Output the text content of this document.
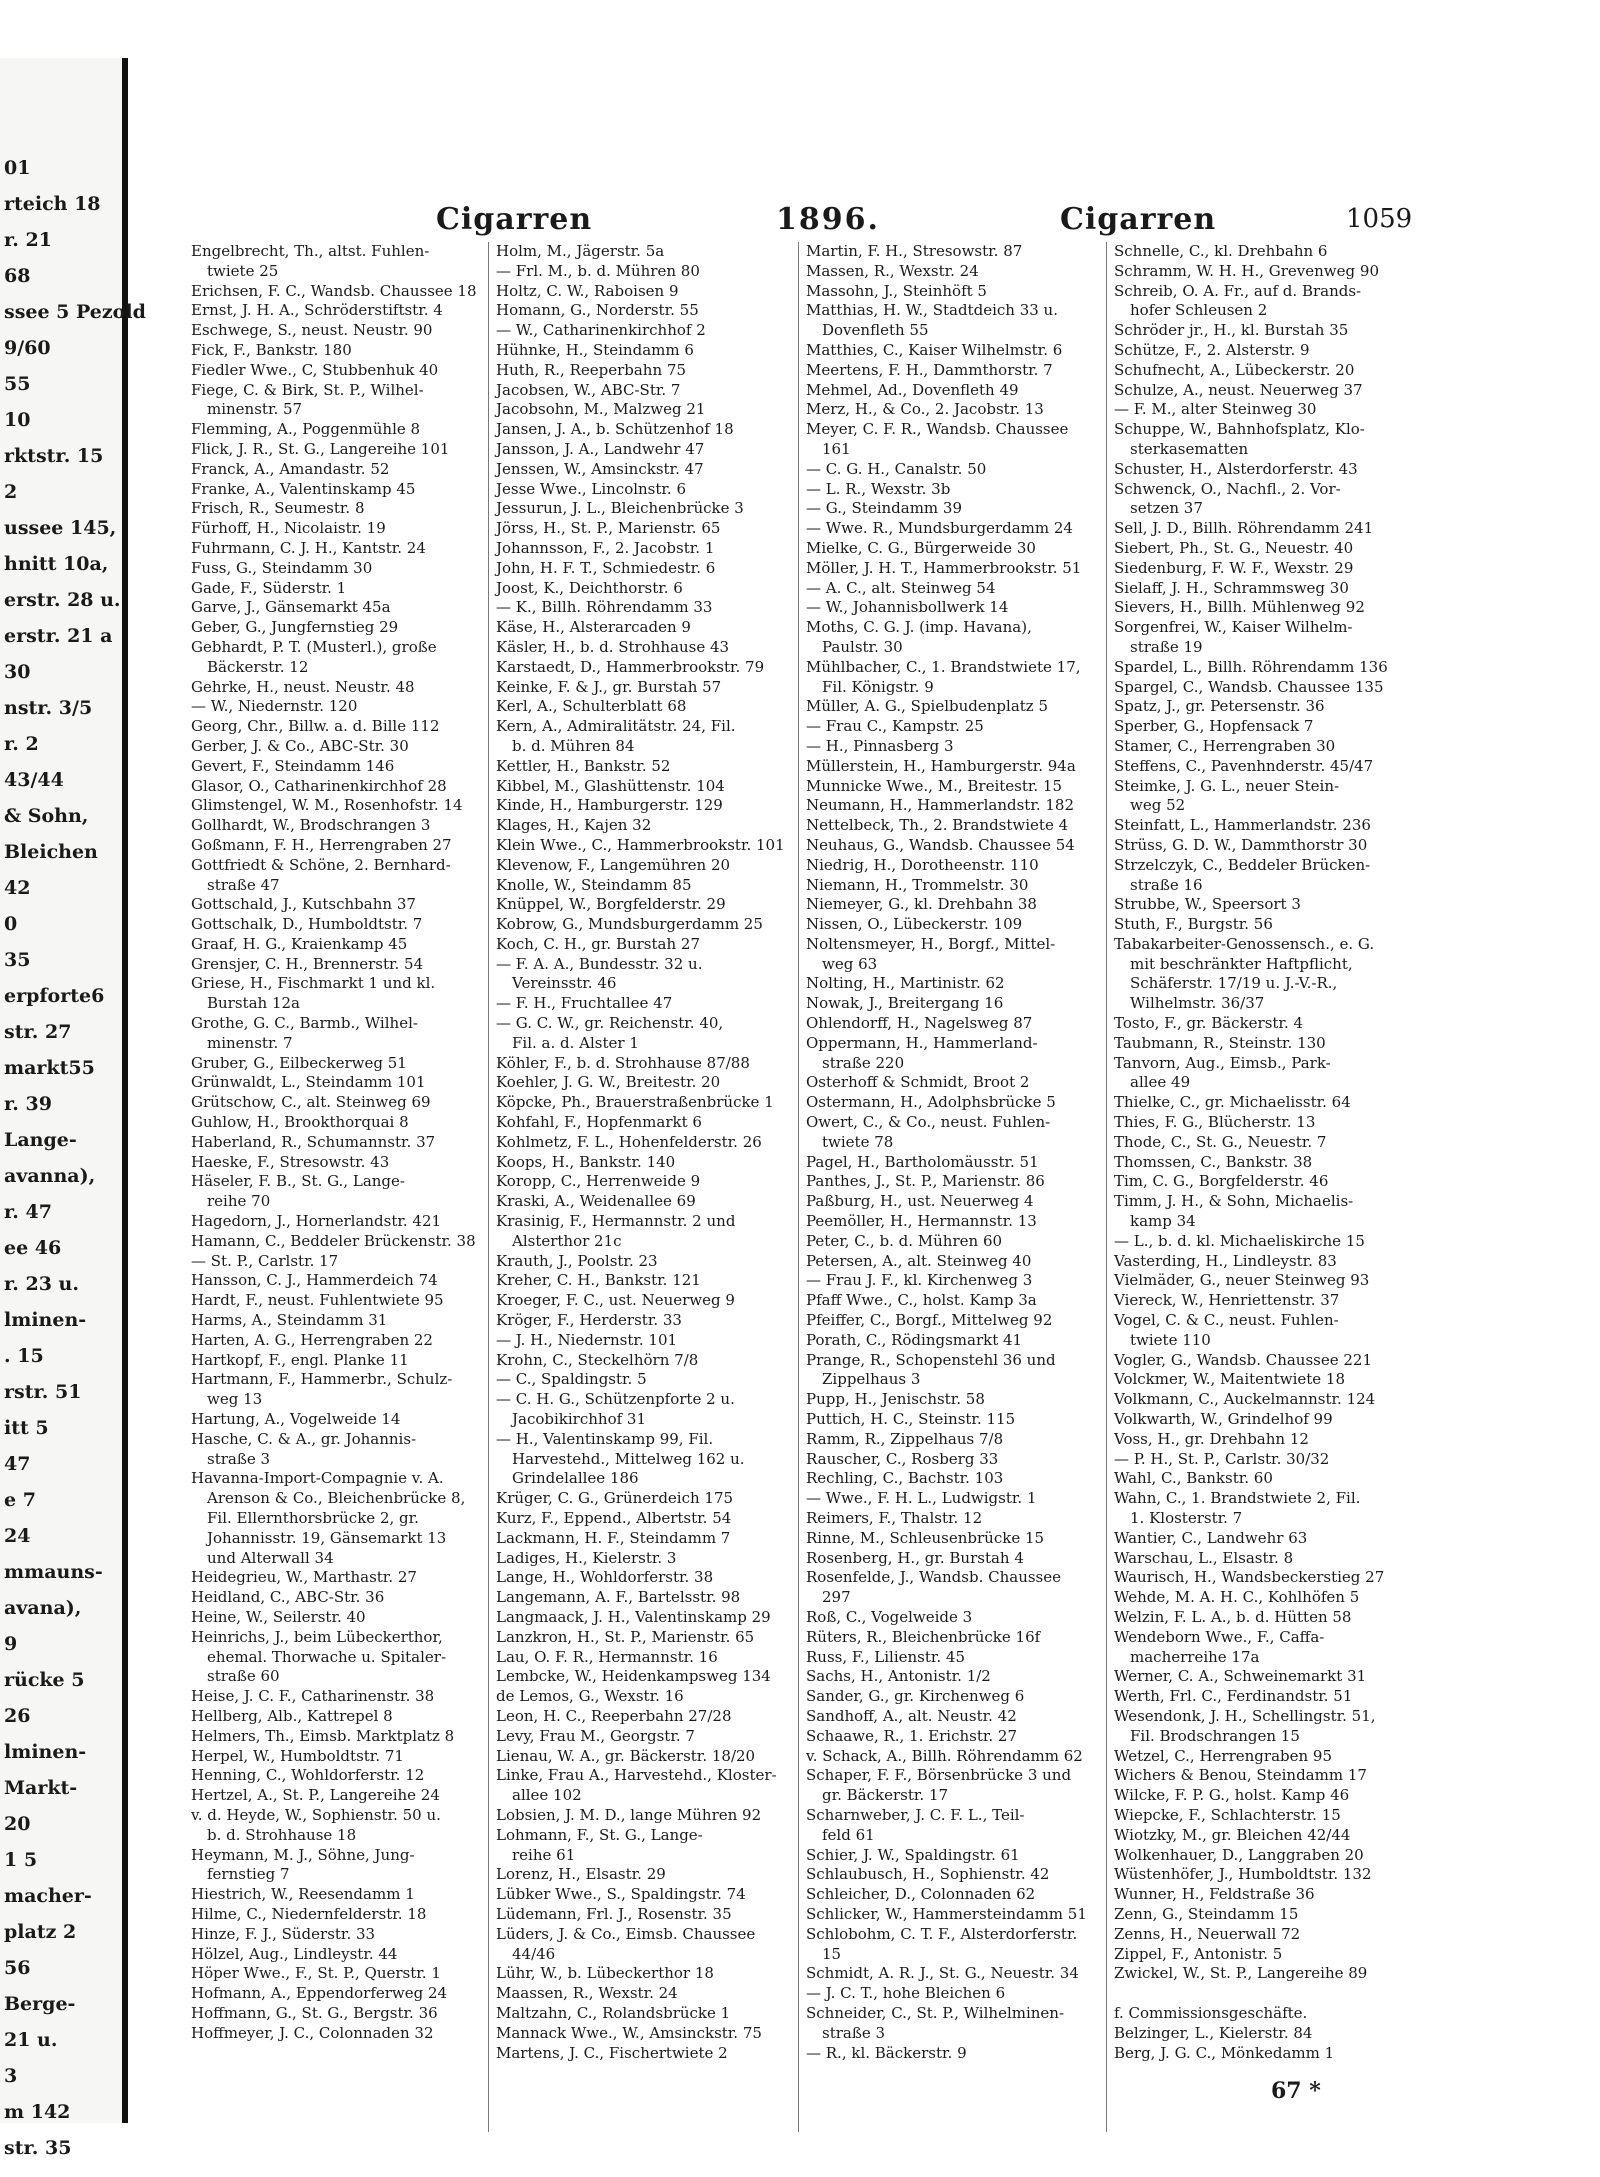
01
rteich 18
r. 21
68
ssee 5 Pezold
9/60
55
10
rktstr. 15
2
ussee 145,
hnitt 10a,
erstr. 28 u.
erstr. 21 a
30
nstr. 3/5
r. 2
43/44
& Sohn,
Bleichen
42
0
35
erpforte6
str. 27
markt55
r. 39
Lange-
avanna),
r. 47
ee 46
r. 23 u.
lminen-
. 15
rstr. 51
itt 5
47
e 7
24
mmauns-
avana),
9
rücke 5
26
lminen-
Markt-
20
1 5
macher-
platz 2
56
Berge-
21 u.
3
m 142
str. 35
Cigarren	1896.	Cigarren	1059
Engelbrecht, Th., altst. Fuhlen-
twiete 25
Erichsen, F. C., Wandsb. Chaussee 18
Ernst, J. H. A., Schröderstiftstr. 4
Eschwege, S., neust. Neustr. 90
Fick, F., Bankstr. 180
Fiedler Wwe., C, Stubbenhuk 40
Fiege, C. & Birk, St. P., Wilhel-
minenstr. 57
Flemming, A., Poggenmühle 8
Flick, J. R., St. G., Langereihe 101
Franck, A., Amandastr. 52
Franke, A., Valentinskamp 45
Frisch, R., Seumestr. 8
Fürhoff, H., Nicolaistr. 19
Fuhrmann, C. J. H., Kantstr. 24
Fuss, G., Steindamm 30
Gade, F., Süderstr. 1
Garve, J., Gänsemarkt 45a
Geber, G., Jungfernstieg 29
Gebhardt, P. T. (Musterl.), große
Bäckerstr. 12
Gehrke, H., neust. Neustr. 48
— W., Niedernstr. 120
Georg, Chr., Billw. a. d. Bille 112
Gerber, J. & Co., ABC-Str. 30
Gevert, F., Steindamm 146
Glasor, O., Catharinenkirchhof 28
Glimstengel, W. M., Rosenhofstr. 14
Gollhardt, W., Brodschrangen 3
Goßmann, F. H., Herrengraben 27
Gottfriedt & Schöne, 2. Bernhard-
straße 47
Gottschald, J., Kutschbahn 37
Gottschalk, D., Humboldtstr. 7
Graaf, H. G., Kraienkamp 45
Grensjer, C. H., Brennerstr. 54
Griese, H., Fischmarkt 1 und kl.
Burstah 12a
Grothe, G. C., Barmb., Wilhel-
minenstr. 7
Gruber, G., Eilbeckerweg 51
Grünwaldt, L., Steindamm 101
Grütschow, C., alt. Steinweg 69
Guhlow, H., Brookthorquai 8
Haberland, R., Schumannstr. 37
Haeske, F., Stresowstr. 43
Häseler, F. B., St. G., Lange-
reihe 70
Hagedorn, J., Hornerlandstr. 421
Hamann, C., Beddeler Brückenstr. 38
— St. P., Carlstr. 17
Hansson, C. J., Hammerdeich 74
Hardt, F., neust. Fuhlentwiete 95
Harms, A., Steindamm 31
Harten, A. G., Herrengraben 22
Hartkopf, F., engl. Planke 11
Hartmann, F., Hammerbr., Schulz-
weg 13
Hartung, A., Vogelweide 14
Hasche, C. & A., gr. Johannis-
straße 3
Havanna-Import-Compagnie v. A.
Arenson & Co., Bleichenbrücke 8,
Fil. Ellernthorsbrücke 2, gr.
Johannisstr. 19, Gänsemarkt 13
und Alterwall 34
Heidegrieu, W., Marthastr. 27
Heidland, C., ABC-Str. 36
Heine, W., Seilerstr. 40
Heinrichs, J., beim Lübeckerthor,
ehemal. Thorwache u. Spitaler-
straße 60
Heise, J. C. F., Catharinenstr. 38
Hellberg, Alb., Kattrepel 8
Helmers, Th., Eimsb. Marktplatz 8
Herpel, W., Humboldtstr. 71
Henning, C., Wohldorferstr. 12
Hertzel, A., St. P., Langereihe 24
v. d. Heyde, W., Sophienstr. 50 u.
b. d. Strohhause 18
Heymann, M. J., Söhne, Jung-
fernstieg 7
Hiestrich, W., Reesendamm 1
Hilme, C., Niedernfelderstr. 18
Hinze, F. J., Süderstr. 33
Hölzel, Aug., Lindleystr. 44
Höper Wwe., F., St. P., Querstr. 1
Hofmann, A., Eppendorferweg 24
Hoffmann, G., St. G., Bergstr. 36
Hoffmeyer, J. C., Colonnaden 32
Holm, M., Jägerstr. 5a
— Frl. M., b. d. Mühren 80
Holtz, C. W., Raboisen 9
Homann, G., Norderstr. 55
— W., Catharinenkirchhof 2
Hühnke, H., Steindamm 6
Huth, R., Reeperbahn 75
Jacobsen, W., ABC-Str. 7
Jacobsohn, M., Malzweg 21
Jansen, J. A., b. Schützenhof 18
Jansson, J. A., Landwehr 47
Jenssen, W., Amsinckstr. 47
Jesse Wwe., Lincolnstr. 6
Jessurun, J. L., Bleichenbrücke 3
Jörss, H., St. P., Marienstr. 65
Johannsson, F., 2. Jacobstr. 1
John, H. F. T., Schmiedestr. 6
Joost, K., Deichthorstr. 6
— K., Billh. Röhrendamm 33
Käse, H., Alsterarcaden 9
Käsler, H., b. d. Strohhause 43
Karstaedt, D., Hammerbrookstr. 79
Keinke, F. & J., gr. Burstah 57
Kerl, A., Schulterblatt 68
Kern, A., Admiralitätstr. 24, Fil.
b. d. Mühren 84
Kettler, H., Bankstr. 52
Kibbel, M., Glashüttenstr. 104
Kinde, H., Hamburgerstr. 129
Klages, H., Kajen 32
Klein Wwe., C., Hammerbrookstr. 101
Klevenow, F., Langemühren 20
Knolle, W., Steindamm 85
Knüppel, W., Borgfelderstr. 29
Kobrow, G., Mundsburgerdamm 25
Koch, C. H., gr. Burstah 27
— F. A. A., Bundesstr. 32 u.
Vereinsstr. 46
— F. H., Fruchtallee 47
— G. C. W., gr. Reichenstr. 40,
Fil. a. d. Alster 1
Köhler, F., b. d. Strohhause 87/88
Koehler, J. G. W., Breitestr. 20
Köpcke, Ph., Brauerstraßenbrücke 1
Kohfahl, F., Hopfenmarkt 6
Kohlmetz, F. L., Hohenfelderstr. 26
Koops, H., Bankstr. 140
Koropp, C., Herrenweide 9
Kraski, A., Weidenallee 69
Krasinig, F., Hermannstr. 2 und
Alsterthor 21c
Krauth, J., Poolstr. 23
Kreher, C. H., Bankstr. 121
Kroeger, F. C., ust. Neuerweg 9
Kröger, F., Herderstr. 33
— J. H., Niedernstr. 101
Krohn, C., Steckelhörn 7/8
— C., Spaldingstr. 5
— C. H. G., Schützenpforte 2 u.
Jacobikirchhof 31
— H., Valentinskamp 99, Fil.
Harvestehd., Mittelweg 162 u.
Grindelallee 186
Krüger, C. G., Grünerdeich 175
Kurz, F., Eppend., Albertstr. 54
Lackmann, H. F., Steindamm 7
Ladiges, H., Kielerstr. 3
Lange, H., Wohldorferstr. 38
Langemann, A. F., Bartelsstr. 98
Langmaack, J. H., Valentinskamp 29
Lanzkron, H., St. P., Marienstr. 65
Lau, O. F. R., Hermannstr. 16
Lembcke, W., Heidenkampsweg 134
de Lemos, G., Wexstr. 16
Leon, H. C., Reeperbahn 27/28
Levy, Frau M., Georgstr. 7
Lienau, W. A., gr. Bäckerstr. 18/20
Linke, Frau A., Harvestehd., Kloster-
allee 102
Lobsien, J. M. D., lange Mühren 92
Lohmann, F., St. G., Lange-
reihe 61
Lorenz, H., Elsastr. 29
Lübker Wwe., S., Spaldingstr. 74
Lüdemann, Frl. J., Rosenstr. 35
Lüders, J. & Co., Eimsb. Chaussee
44/46
Lühr, W., b. Lübeckerthor 18
Maassen, R., Wexstr. 24
Maltzahn, C., Rolandsbrücke 1
Mannack Wwe., W., Amsinckstr. 75
Martens, J. C., Fischertwiete 2
Martin, F. H., Stresowstr. 87
Massen, R., Wexstr. 24
Massohn, J., Steinhöft 5
Matthias, H. W., Stadtdeich 33 u.
Dovenfleth 55
Matthies, C., Kaiser Wilhelmstr. 6
Meertens, F. H., Dammthorstr. 7
Mehmel, Ad., Dovenfleth 49
Merz, H., & Co., 2. Jacobstr. 13
Meyer, C. F. R., Wandsb. Chaussee
161
— C. G. H., Canalstr. 50
— L. R., Wexstr. 3b
— G., Steindamm 39
— Wwe. R., Mundsburgerdamm 24
Mielke, C. G., Bürgerweide 30
Möller, J. H. T., Hammerbrookstr. 51
— A. C., alt. Steinweg 54
— W., Johannisbollwerk 14
Moths, C. G. J. (imp. Havana),
Paulstr. 30
Mühlbacher, C., 1. Brandstwiete 17,
Fil. Königstr. 9
Müller, A. G., Spielbudenplatz 5
— Frau C., Kampstr. 25
— H., Pinnasberg 3
Müllerstein, H., Hamburgerstr. 94a
Munnicke Wwe., M., Breitestr. 15
Neumann, H., Hammerlandstr. 182
Nettelbeck, Th., 2. Brandstwiete 4
Neuhaus, G., Wandsb. Chaussee 54
Niedrig, H., Dorotheenstr. 110
Niemann, H., Trommelstr. 30
Niemeyer, G., kl. Drehbahn 38
Nissen, O., Lübeckerstr. 109
Noltensmeyer, H., Borgf., Mittel-
weg 63
Nolting, H., Martinistr. 62
Nowak, J., Breitergang 16
Ohlendorff, H., Nagelsweg 87
Oppermann, H., Hammerland-
straße 220
Osterhoff & Schmidt, Broot 2
Ostermann, H., Adolphsbrücke 5
Owert, C., & Co., neust. Fuhlen-
twiete 78
Pagel, H., Bartholomäusstr. 51
Panthes, J., St. P., Marienstr. 86
Paßburg, H., ust. Neuerweg 4
Peemöller, H., Hermannstr. 13
Peter, C., b. d. Mühren 60
Petersen, A., alt. Steinweg 40
— Frau J. F., kl. Kirchenweg 3
Pfaff Wwe., C., holst. Kamp 3a
Pfeiffer, C., Borgf., Mittelweg 92
Porath, C., Rödingsmarkt 41
Prange, R., Schopenstehl 36 und
Zippelhaus 3
Pupp, H., Jenischstr. 58
Puttich, H. C., Steinstr. 115
Ramm, R., Zippelhaus 7/8
Rauscher, C., Rosberg 33
Rechling, C., Bachstr. 103
— Wwe., F. H. L., Ludwigstr. 1
Reimers, F., Thalstr. 12
Rinne, M., Schleusenbrücke 15
Rosenberg, H., gr. Burstah 4
Rosenfelde, J., Wandsb. Chaussee
297
Roß, C., Vogelweide 3
Rüters, R., Bleichenbrücke 16f
Russ, F., Lilienstr. 45
Sachs, H., Antonistr. 1/2
Sander, G., gr. Kirchenweg 6
Sandhoff, A., alt. Neustr. 42
Schaawe, R., 1. Erichstr. 27
v. Schack, A., Billh. Röhrendamm 62
Schaper, F. F., Börsenbrücke 3 und
gr. Bäckerstr. 17
Scharnweber, J. C. F. L., Teil-
feld 61
Schier, J. W., Spaldingstr. 61
Schlaubusch, H., Sophienstr. 42
Schleicher, D., Colonnaden 62
Schlicker, W., Hammersteindamm 51
Schlobohm, C. T. F., Alsterdorferstr.
15
Schmidt, A. R. J., St. G., Neuestr. 34
— J. C. T., hohe Bleichen 6
Schneider, C., St. P., Wilhelminen-
straße 3
— R., kl. Bäckerstr. 9
Schnelle, C., kl. Drehbahn 6
Schramm, W. H. H., Grevenweg 90
Schreib, O. A. Fr., auf d. Brands-
hofer Schleusen 2
Schröder jr., H., kl. Burstah 35
Schütze, F., 2. Alsterstr. 9
Schufnecht, A., Lübeckerstr. 20
Schulze, A., neust. Neuerweg 37
— F. M., alter Steinweg 30
Schuppe, W., Bahnhofsplatz, Klo-
sterkasematten
Schuster, H., Alsterdorferstr. 43
Schwenck, O., Nachfl., 2. Vor-
setzen 37
Sell, J. D., Billh. Röhrendamm 241
Siebert, Ph., St. G., Neuestr. 40
Siedenburg, F. W. F., Wexstr. 29
Sielaff, J. H., Schrammsweg 30
Sievers, H., Billh. Mühlenweg 92
Sorgenfrei, W., Kaiser Wilhelm-
straße 19
Spardel, L., Billh. Röhrendamm 136
Spargel, C., Wandsb. Chaussee 135
Spatz, J., gr. Petersenstr. 36
Sperber, G., Hopfensack 7
Stamer, C., Herrengraben 30
Steffens, C., Pavenhnderstr. 45/47
Steimke, J. G. L., neuer Stein-
weg 52
Steinfatt, L., Hammerlandstr. 236
Strüss, G. D. W., Dammthorstr 30
Strzelczyk, C., Beddeler Brücken-
straße 16
Strubbe, W., Speersort 3
Stuth, F., Burgstr. 56
Tabakarbeiter-Genossensch., e. G.
mit beschränkter Haftpflicht,
Schäferstr. 17/19 u. J.-V.-R.,
Wilhelmstr. 36/37
Tosto, F., gr. Bäckerstr. 4
Taubmann, R., Steinstr. 130
Tanvorn, Aug., Eimsb., Park-
allee 49
Thielke, C., gr. Michaelisstr. 64
Thies, F. G., Blücherstr. 13
Thode, C., St. G., Neuestr. 7
Thomssen, C., Bankstr. 38
Tim, C. G., Borgfelderstr. 46
Timm, J. H., & Sohn, Michaelis-
kamp 34
— L., b. d. kl. Michaeliskirche 15
Vasterding, H., Lindleystr. 83
Vielmäder, G., neuer Steinweg 93
Viereck, W., Henriettenstr. 37
Vogel, C. & C., neust. Fuhlen-
twiete 110
Vogler, G., Wandsb. Chaussee 221
Volckmer, W., Maitentwiete 18
Volkmann, C., Auckelmannstr. 124
Volkwarth, W., Grindelhof 99
Voss, H., gr. Drehbahn 12
— P. H., St. P., Carlstr. 30/32
Wahl, C., Bankstr. 60
Wahn, C., 1. Brandstwiete 2, Fil.
1. Klosterstr. 7
Wantier, C., Landwehr 63
Warschau, L., Elsastr. 8
Waurisch, H., Wandsbeckerstieg 27
Wehde, M. A. H. C., Kohlhöfen 5
Welzin, F. L. A., b. d. Hütten 58
Wendeborn Wwe., F., Caffa-
macherreihe 17a
Werner, C. A., Schweinemarkt 31
Werth, Frl. C., Ferdinandstr. 51
Wesendonk, J. H., Schellingstr. 51,
Fil. Brodschrangen 15
Wetzel, C., Herrengraben 95
Wichers & Benou, Steindamm 17
Wilcke, F. P. G., holst. Kamp 46
Wiepcke, F., Schlachterstr. 15
Wiotzky, M., gr. Bleichen 42/44
Wolkenhauer, D., Langgraben 20
Wüstenhöfer, J., Humboldtstr. 132
Wunner, H., Feldstraße 36
Zenn, G., Steindamm 15
Zenns, H., Neuerwall 72
Zippel, F., Antonistr. 5
Zwickel, W., St. P., Langereihe 89
f. Commissionsgeschäfte.
Belzinger, L., Kielerstr. 84
Berg, J. G. C., Mönkedamm 1
67 *
